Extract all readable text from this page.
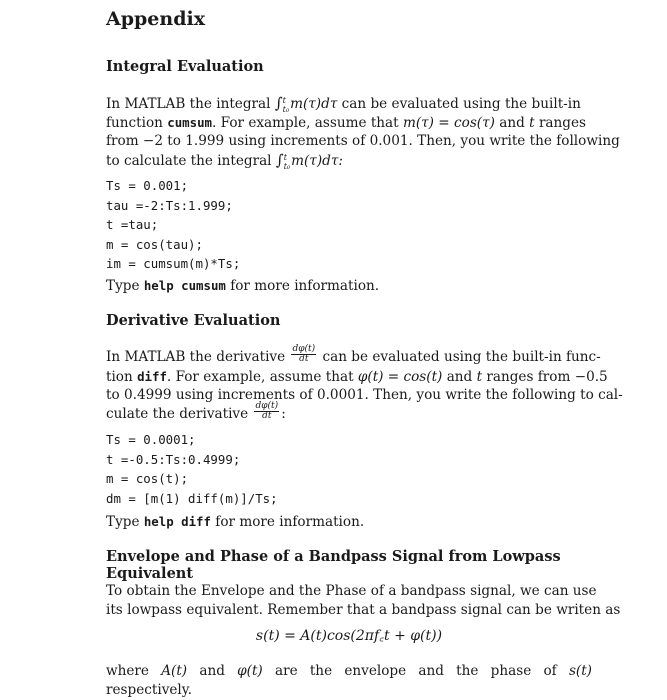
Appendix
Integral Evaluation
In MATLAB the integral ∫ t
t₀ m(τ)dτ can be evaluated using the built-in
function cumsum. For example, assume that m(τ) = cos(τ) and t ranges
from −2 to 1.999 using increments of 0.001. Then, you write the following
to calculate the integral ∫ t
t₀ m(τ)dτ:
Ts = 0.001;
tau =-2:Ts:1.999;
t =tau;
m = cos(tau);
im = cumsum(m)*Ts;
Type help cumsum for more information.
Derivative Evaluation
In MATLAB the derivative $\frac{d\varphi(t)}{dt}$ can be evaluated using the built-in func-
tion diff. For example, assume that φ(t) = cos(t) and t ranges from −0.5
to 0.4999 using increments of 0.0001. Then, you write the following to cal-
culate the derivative $\frac{d\varphi(t)}{dt}$ :
Ts = 0.0001;
t =-0.5:Ts:0.4999;
m = cos(t);
dm = [m(1) diff(m)]/Ts;
Type help diff for more information.
Envelope and Phase of a Bandpass Signal from Lowpass Equivalent
To obtain the Envelope and the Phase of a bandpass signal, we can use
its lowpass equivalent. Remember that a bandpass signal can be writen as
s(t) = A(t)cos(2πf꜀t + φ(t))
where A(t) and φ(t) are the envelope and the phase of s(t) respectively.
